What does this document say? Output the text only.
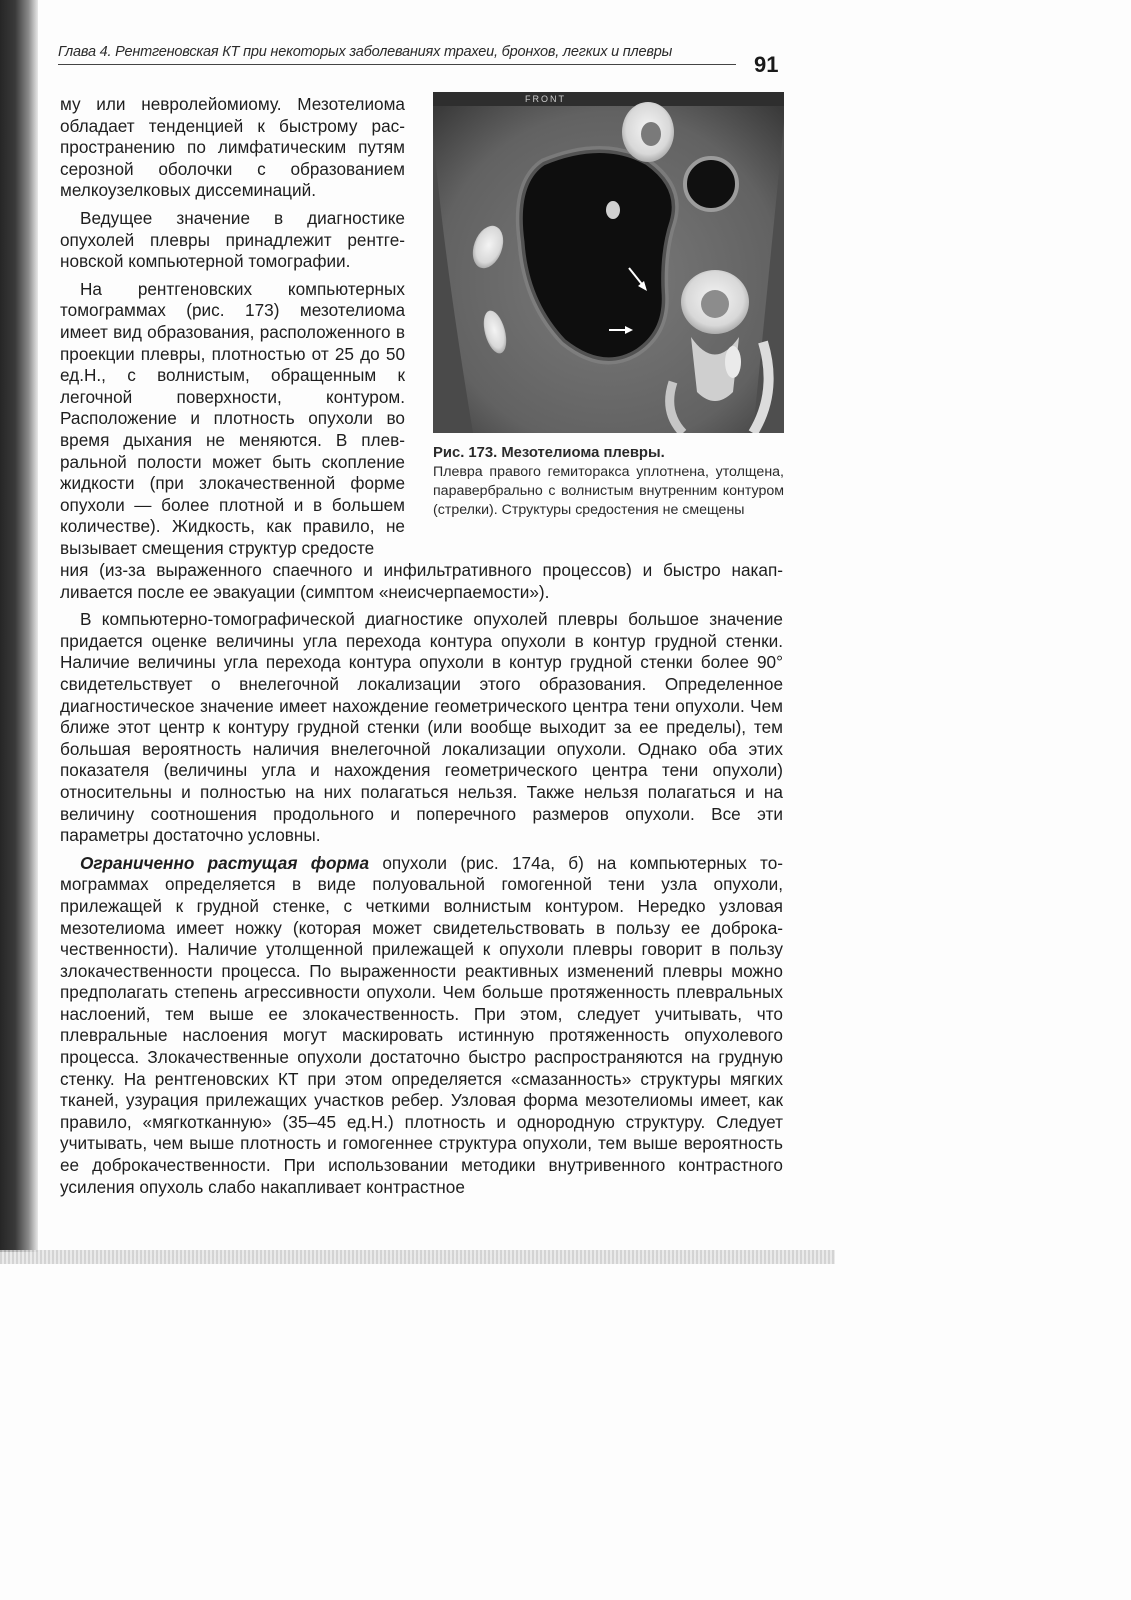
Глава 4. Рентгеновская КТ при некоторых заболеваниях трахеи, бронхов, легких и плевры	91

му или невролейомиому. Мезотелиома обладает тенденцией к быстрому распространению по лимфатическим путям серозной оболочки с образованием мелкоузелковых диссеминаций.

Ведущее значение в диагностике опухолей плевры принадлежит рентгеновской компьютерной томографии.

На рентгеновских компьютерных томограммах (рис. 173) мезотелиома имеет вид образования, расположенного в проекции плевры, плотностью от 25 до 50 ед.Н., с волнистым, обращенным к легочной поверхности, контуром. Расположение и плотность опухоли во время дыхания не меняются. В плевральной полости может быть скопление жидкости (при злокачественной форме опухоли — более плотной и в большем количестве). Жидкость, как правило, не вызывает смещения структур средосте

FRONT
Рис. 173. Мезотелиома плевры.
Плевра правого гемиторакса уплотнена, утолщена, паравербрально с волнистым внутренним контуром (стрелки). Структуры средостения не смещены

ния (из-за выраженного спаечного и инфильтративного процессов) и быстро накапливается после ее эвакуации (симптом «неисчерпаемости»).

В компьютерно-томографической диагностике опухолей плевры большое значение придается оценке величины угла перехода контура опухоли в контур грудной стенки. Наличие величины угла перехода контура опухоли в контур грудной стенки более 90° свидетельствует о внелегочной локализации этого образования. Определенное диагностическое значение имеет нахождение геометрического центра тени опухоли. Чем ближе этот центр к контуру грудной стенки (или вообще выходит за ее пределы), тем большая вероятность наличия внелегочной локализации опухоли. Однако оба этих показателя (величины угла и нахождения геометрического центра тени опухоли) относительны и полностью на них полагаться нельзя. Также нельзя полагаться и на величину соотношения продольного и поперечного размеров опухоли. Все эти параметры достаточно условны.

Ограниченно растущая форма опухоли (рис. 174а, б) на компьютерных томограммах определяется в виде полуовальной гомогенной тени узла опухоли, прилежащей к грудной стенке, с четкими волнистым контуром. Нередко узловая мезотелиома имеет ножку (которая может свидетельствовать в пользу ее доброкачественности). Наличие утолщенной прилежащей к опухоли плевры говорит в пользу злокачественности процесса. По выраженности реактивных изменений плевры можно предполагать степень агрессивности опухоли. Чем больше протяженность плевральных наслоений, тем выше ее злокачественность. При этом, следует учитывать, что плевральные наслоения могут маскировать истинную протяженность опухолевого процесса. Злокачественные опухоли достаточно быстро распространяются на грудную стенку. На рентгеновских КТ при этом определяется «смазанность» структуры мягких тканей, узурация прилежащих участков ребер. Узловая форма мезотелиомы имеет, как правило, «мягкотканную» (35–45 ед.Н.) плотность и однородную структуру. Следует учитывать, чем выше плотность и гомогеннее структура опухоли, тем выше вероятность ее доброкачественности. При использовании методики внутривенного контрастного усиления опухоль слабо накапливает контрастное
